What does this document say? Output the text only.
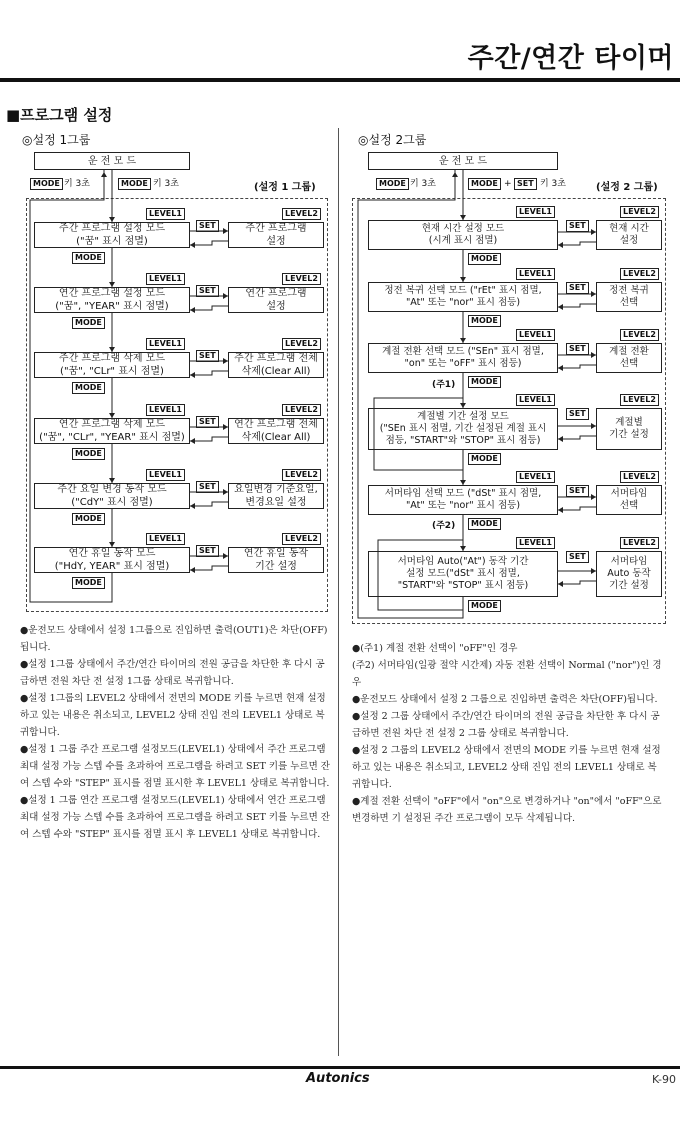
주간/연간 타이머
■프로그램 설정
◎설정 1그룹
운 전 모 드
MODE 키 3초	MODE 키 3초	(설정 1 그룹)
LEVEL1	LEVEL2
주간 프로그램 설정 모드
("꿈" 표시 점멸)
주간 프로그램
설정
SET
MODE
LEVEL1	LEVEL2
연간 프로그램 설정 모드
("꿈", "YEAR" 표시 점멸)
연간 프로그램
설정
SET
MODE
LEVEL1	LEVEL2
주간 프로그램 삭제 모드
("꿈", "CLr" 표시 점멸)
주간 프로그램 전체
삭제(Clear All)
SET
MODE
LEVEL1	LEVEL2
연간 프로그램 삭제 모드
("꿈", "CLr", "YEAR" 표시 점멸)
연간 프로그램 전체
삭제(Clear All)
SET
MODE
LEVEL1	LEVEL2
주간 요일 변경 동작 모드
("CdY" 표시 점멸)
요일변경 기준요일,
변경요일 설정
SET
MODE
LEVEL1	LEVEL2
연간 휴일 동작 모드
("HdY, YEAR" 표시 점멸)
연간 휴일 동작
기간 설정
SET
MODE
◎설정 2그룹
운 전 모 드
MODE 키 3초	MODE + SET 키 3초	(설정 2 그룹)
(주1)
(주2)
LEVEL1	LEVEL2
현재 시간 설정 모드
(시계 표시 점멸)
현재 시간
설정
SET
MODE
LEVEL1	LEVEL2
정전 복귀 선택 모드 ("rEt" 표시 점멸,
"At" 또는 "nor" 표시 점등)
정전 복귀
선택
SET
MODE
LEVEL1	LEVEL2
계절 전환 선택 모드 ("SEn" 표시 점멸,
"on" 또는 "oFF" 표시 점등)
계절 전환
선택
SET
MODE
LEVEL1	LEVEL2
계절별 기간 설정 모드
("SEn 표시 점멸, 기간 설정된 계절 표시
점등, "START"와 "STOP" 표시 점등)
계절별
기간 설정
SET
MODE
LEVEL1	LEVEL2
서머타임 선택 모드 ("dSt" 표시 점멸,
"At" 또는 "nor" 표시 점등)
서머타임
선택
SET
MODE
LEVEL1	LEVEL2
서머타임 Auto("At") 동작 기간
설정 모드("dSt" 표시 점멸,
"START"와 "STOP" 표시 점등)
서머타임
Auto 동작
기간 설정
SET
MODE

●운전모드 상태에서 설정 1그룹으로 진입하면 출력(OUT1)은 차단(OFF)됩니다.

●설정 1그룹 상태에서 주간/연간 타이머의 전원 공급을 차단한 후 다시 공급하면 전원 차단 전 설정 1그룹 상태로 복귀합니다.

●설정 1그룹의 LEVEL2 상태에서 전면의 MODE 키를 누르면 현재 설정하고 있는 내용은 취소되고, LEVEL2 상태 진입 전의 LEVEL1 상태로 복귀합니다.

●설정 1 그룹 주간 프로그램 설정모드(LEVEL1) 상태에서 주간 프로그램 최대 설정 가능 스텝 수를 초과하여 프로그램을 하려고 SET 키를 누르면 잔여 스텝 수와 "STEP" 표시를 점멸 표시한 후 LEVEL1 상태로 복귀합니다.

●설정 1 그룹 연간 프로그램 설정모드(LEVEL1) 상태에서 연간 프로그램 최대 설정 가능 스텝 수를 초과하여 프로그램을 하려고 SET 키를 누르면 잔여 스텝 수와 "STEP" 표시를 점멸 표시 후 LEVEL1 상태로 복귀합니다.

●(주1) 계절 전환 선택이 "oFF"인 경우

(주2) 서머타임(일광 절약 시간제) 자동 전환 선택이 Normal ("nor")인 경우

●운전모드 상태에서 설정 2 그룹으로 진입하면 출력은 차단(OFF)됩니다.

●설정 2 그룹 상태에서 주간/연간 타이머의 전원 공급을 차단한 후 다시 공급하면 전원 차단 전 설정 2 그룹 상태로 복귀합니다.

●설정 2 그룹의 LEVEL2 상태에서 전면의 MODE 키를 누르면 현재 설정하고 있는 내용은 취소되고, LEVEL2 상태 진입 전의 LEVEL1 상태로 복귀합니다.

●계절 전환 선택이 "oFF"에서 "on"으로 변경하거나 "on"에서 "oFF"으로 변경하면 기 설정된 주간 프로그램이 모두 삭제됩니다.

Autonics	K-90
